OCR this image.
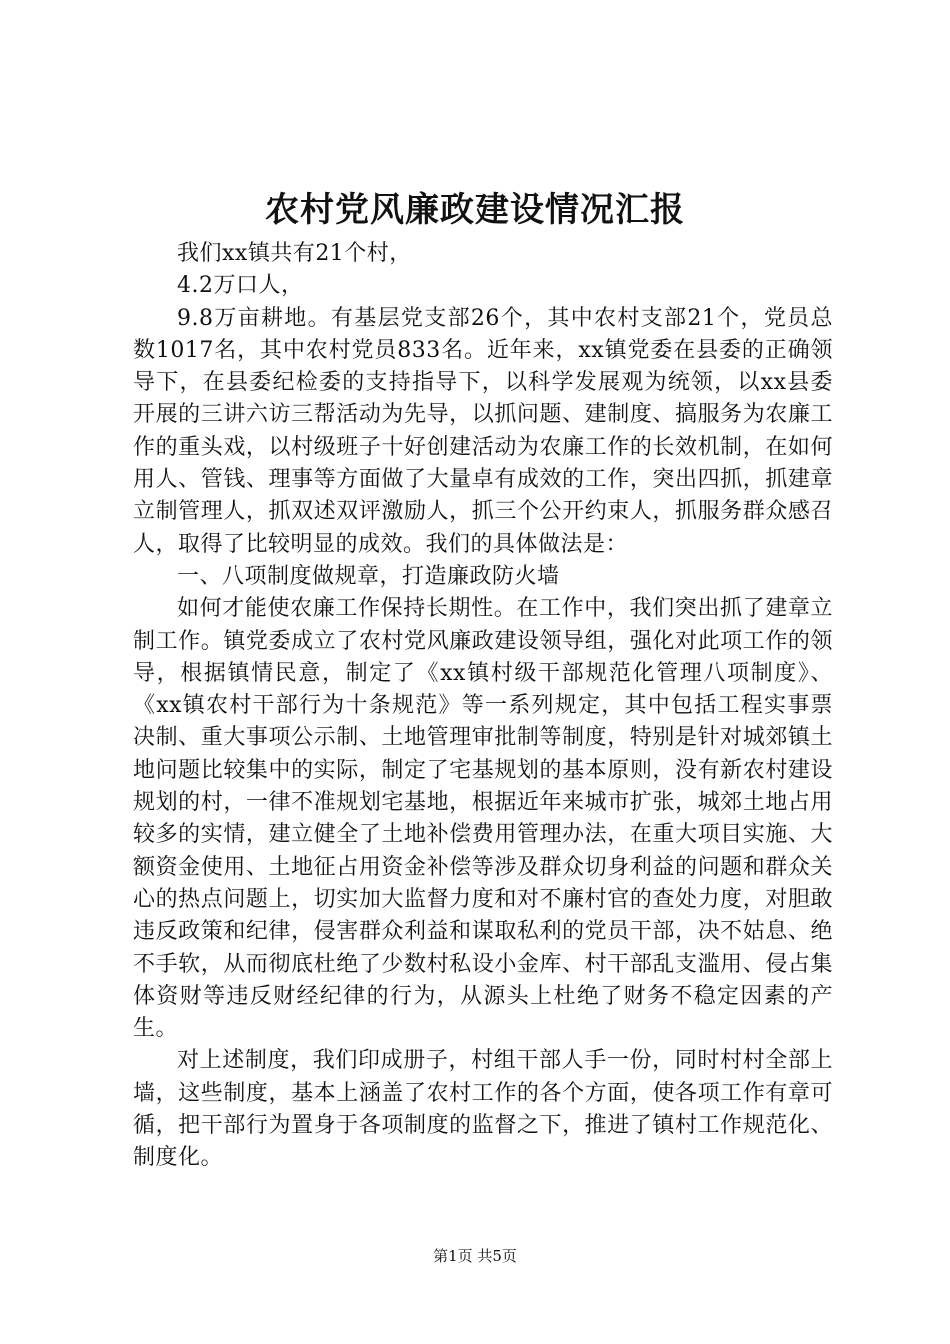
农村党风廉政建设情况汇报

我们xx镇共有21个村，

4.2万口人，

9.8万亩耕地。有基层党支部26个，其中农村支部21个，党员总数1017名，其中农村党员833名。近年来，xx镇党委在县委的正确领导下，在县委纪检委的支持指导下，以科学发展观为统领，以xx县委开展的三讲六访三帮活动为先导，以抓问题、建制度、搞服务为农廉工作的重头戏，以村级班子十好创建活动为农廉工作的长效机制，在如何用人、管钱、理事等方面做了大量卓有成效的工作，突出四抓，抓建章立制管理人，抓双述双评激励人，抓三个公开约束人，抓服务群众感召人，取得了比较明显的成效。我们的具体做法是：

一、八项制度做规章，打造廉政防火墙

如何才能使农廉工作保持长期性。在工作中，我们突出抓了建章立制工作。镇党委成立了农村党风廉政建设领导组，强化对此项工作的领导，根据镇情民意，制定了《xx镇村级干部规范化管理八项制度》、《xx镇农村干部行为十条规范》等一系列规定，其中包括工程实事票决制、重大事项公示制、土地管理审批制等制度，特别是针对城郊镇土地问题比较集中的实际，制定了宅基规划的基本原则，没有新农村建设规划的村，一律不准规划宅基地，根据近年来城市扩张，城郊土地占用较多的实情，建立健全了土地补偿费用管理办法，在重大项目实施、大额资金使用、土地征占用资金补偿等涉及群众切身利益的问题和群众关心的热点问题上，切实加大监督力度和对不廉村官的查处力度，对胆敢违反政策和纪律，侵害群众利益和谋取私利的党员干部，决不姑息、绝不手软，从而彻底杜绝了少数村私设小金库、村干部乱支滥用、侵占集体资财等违反财经纪律的行为，从源头上杜绝了财务不稳定因素的产生。

对上述制度，我们印成册子，村组干部人手一份，同时村村全部上墙，这些制度，基本上涵盖了农村工作的各个方面，使各项工作有章可循，把干部行为置身于各项制度的监督之下，推进了镇村工作规范化、制度化。

第1页 共5页
